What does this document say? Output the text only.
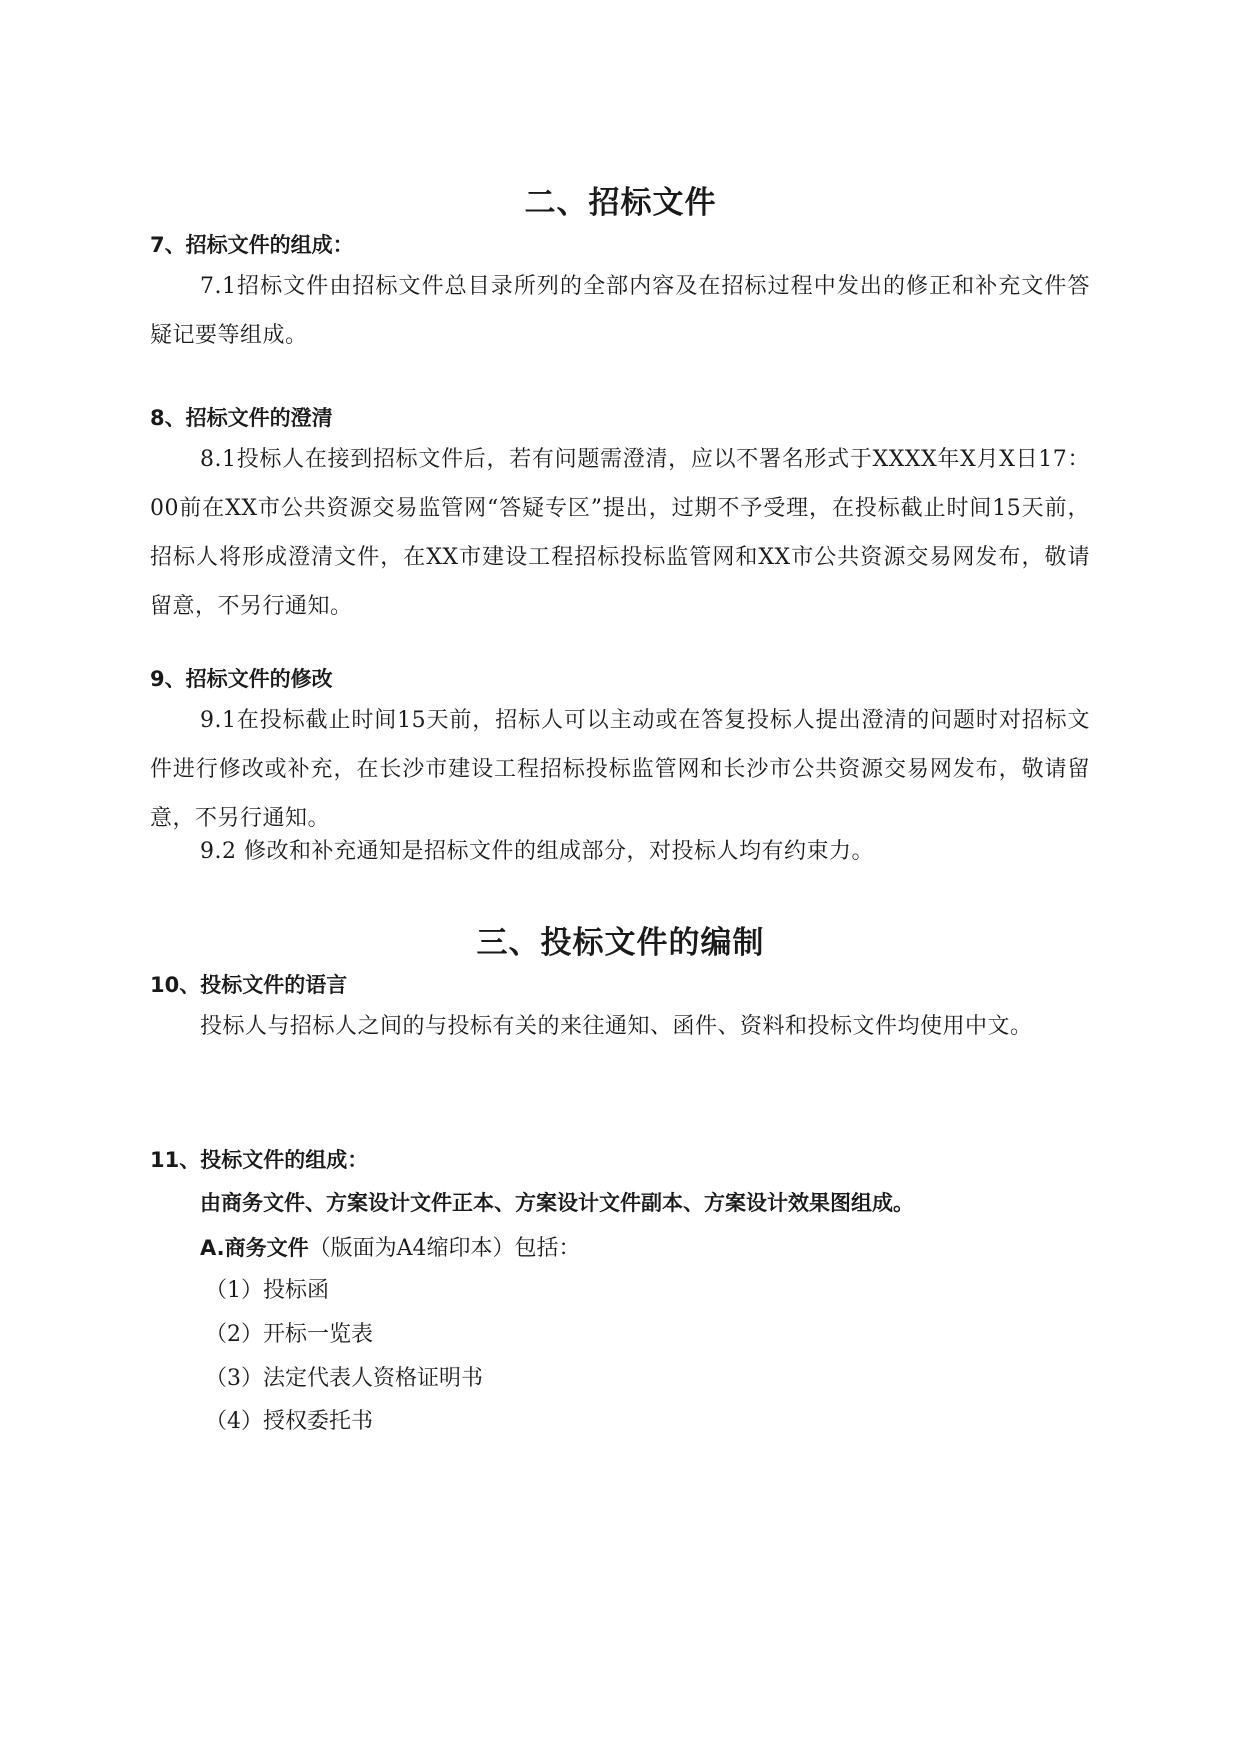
二、招标文件
7、招标文件的组成：

7.1招标文件由招标文件总目录所列的全部内容及在招标过程中发出的修正和补充文件答疑记要等组成。

8、招标文件的澄清

8.1投标人在接到招标文件后，若有问题需澄清，应以不署名形式于XXXX年X月X日17：00前在XX市公共资源交易监管网“答疑专区”提出，过期不予受理，在投标截止时间15天前，招标人将形成澄清文件，在XX市建设工程招标投标监管网和XX市公共资源交易网发布，敬请留意，不另行通知。

9、招标文件的修改

9.1在投标截止时间15天前，招标人可以主动或在答复投标人提出澄清的问题时对招标文件进行修改或补充，在长沙市建设工程招标投标监管网和长沙市公共资源交易网发布，敬请留意，不另行通知。

9.2 修改和补充通知是招标文件的组成部分，对投标人均有约束力。

三、投标文件的编制
10、投标文件的语言

投标人与招标人之间的与投标有关的来往通知、函件、资料和投标文件均使用中文。

11、投标文件的组成：

由商务文件、方案设计文件正本、方案设计文件副本、方案设计效果图组成。

A.商务文件（版面为A4缩印本）包括：

（1）投标函

（2）开标一览表

（3）法定代表人资格证明书

（4）授权委托书
